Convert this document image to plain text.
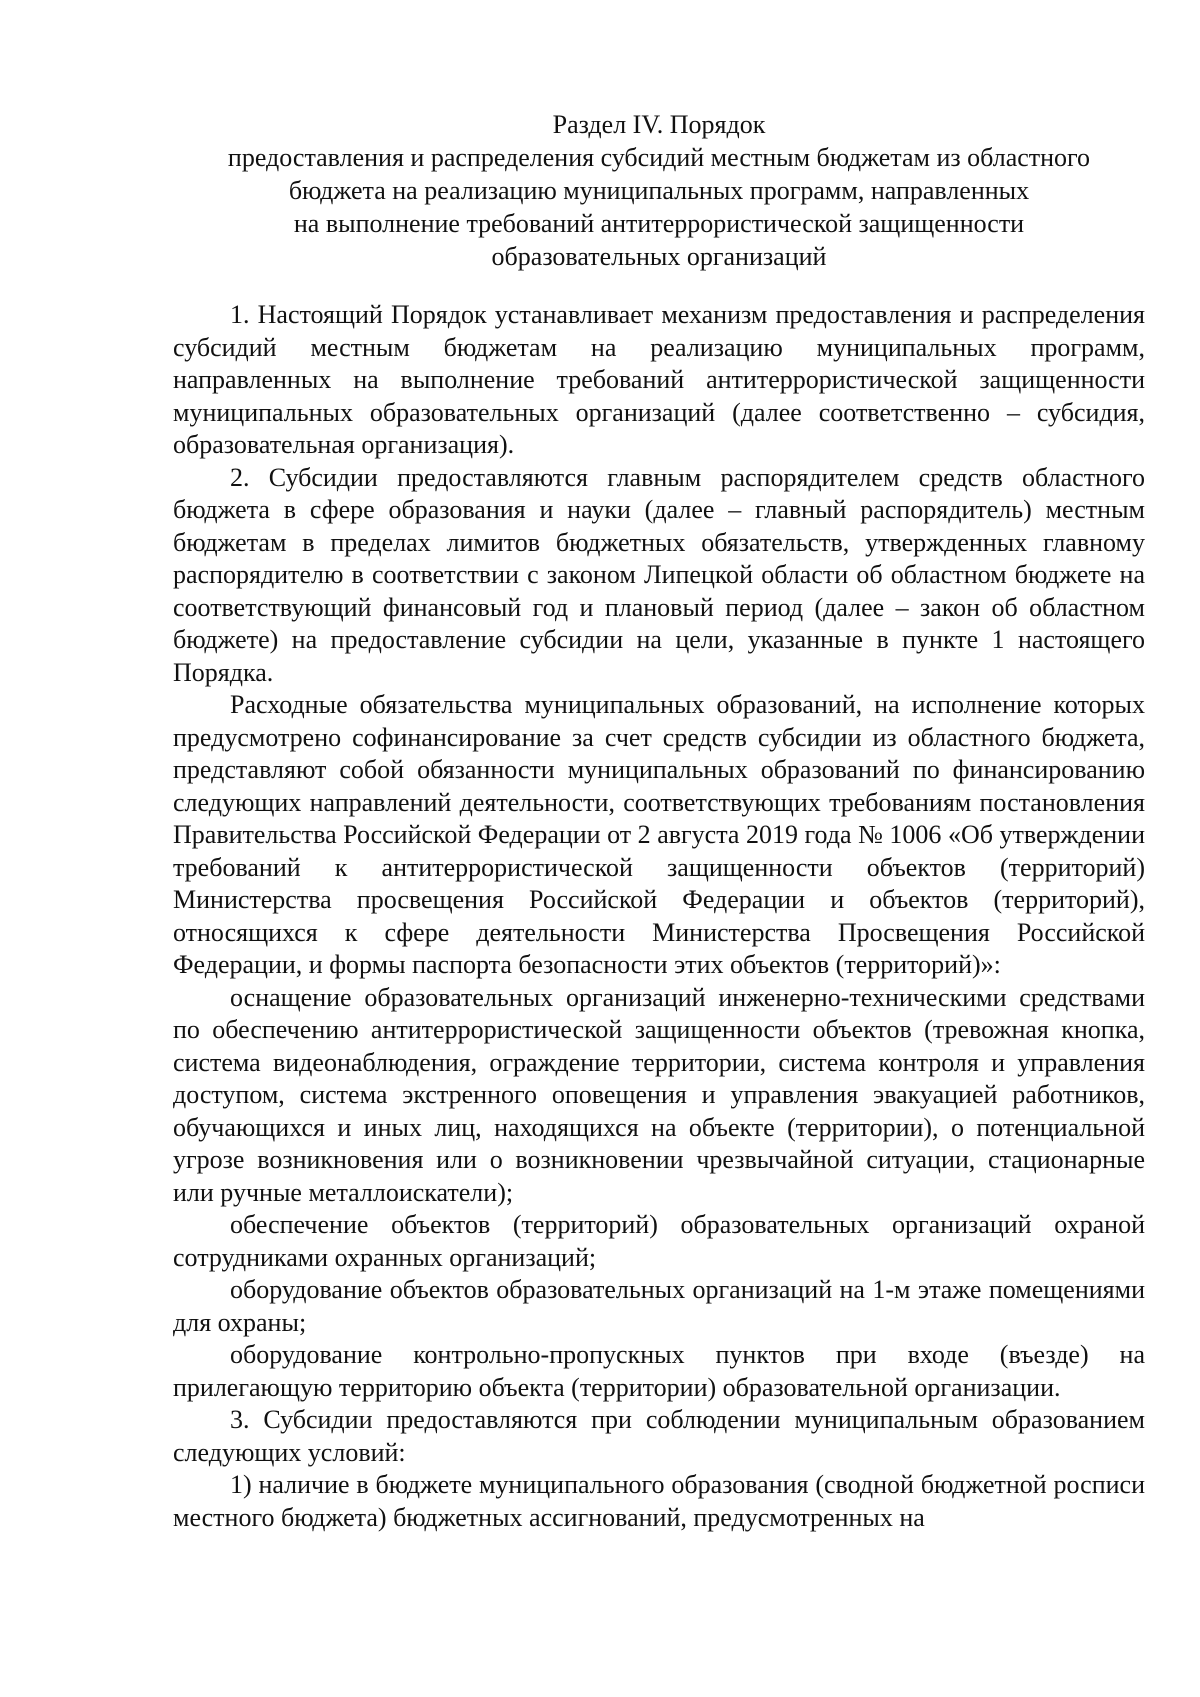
Раздел IV. Порядок
предоставления и распределения субсидий местным бюджетам из областного
бюджета на реализацию муниципальных программ, направленных
на выполнение требований антитеррористической защищенности
образовательных организаций

1. Настоящий Порядок устанавливает механизм предоставления и распределения субсидий местным бюджетам на реализацию муниципальных программ, направленных на выполнение требований антитеррористической защищенности муниципальных образовательных организаций (далее соответственно – субсидия, образовательная организация).

2. Субсидии предоставляются главным распорядителем средств областного бюджета в сфере образования и науки (далее – главный распорядитель) местным бюджетам в пределах лимитов бюджетных обязательств, утвержденных главному распорядителю в соответствии с законом Липецкой области об областном бюджете на соответствующий финансовый год и плановый период (далее – закон об областном бюджете) на предоставление субсидии на цели, указанные в пункте 1 настоящего Порядка.

Расходные обязательства муниципальных образований, на исполнение которых предусмотрено софинансирование за счет средств субсидии из областного бюджета, представляют собой обязанности муниципальных образований по финансированию следующих направлений деятельности, соответствующих требованиям постановления Правительства Российской Федерации от 2 августа 2019 года № 1006 «Об утверждении требований к антитеррористической защищенности объектов (территорий) Министерства просвещения Российской Федерации и объектов (территорий), относящихся к сфере деятельности Министерства Просвещения Российской Федерации, и формы паспорта безопасности этих объектов (территорий)»:

оснащение образовательных организаций инженерно-техническими средствами по обеспечению антитеррористической защищенности объектов (тревожная кнопка, система видеонаблюдения, ограждение территории, система контроля и управления доступом, система экстренного оповещения и управления эвакуацией работников, обучающихся и иных лиц, находящихся на объекте (территории), о потенциальной угрозе возникновения или о возникновении чрезвычайной ситуации, стационарные или ручные металлоискатели);

обеспечение объектов (территорий) образовательных организаций охраной сотрудниками охранных организаций;

оборудование объектов образовательных организаций на 1-м этаже помещениями для охраны;

оборудование контрольно-пропускных пунктов при входе (въезде) на прилегающую территорию объекта (территории) образовательной организации.

3. Субсидии предоставляются при соблюдении муниципальным образованием следующих условий:

1) наличие в бюджете муниципального образования (сводной бюджетной росписи местного бюджета) бюджетных ассигнований, предусмотренных на
